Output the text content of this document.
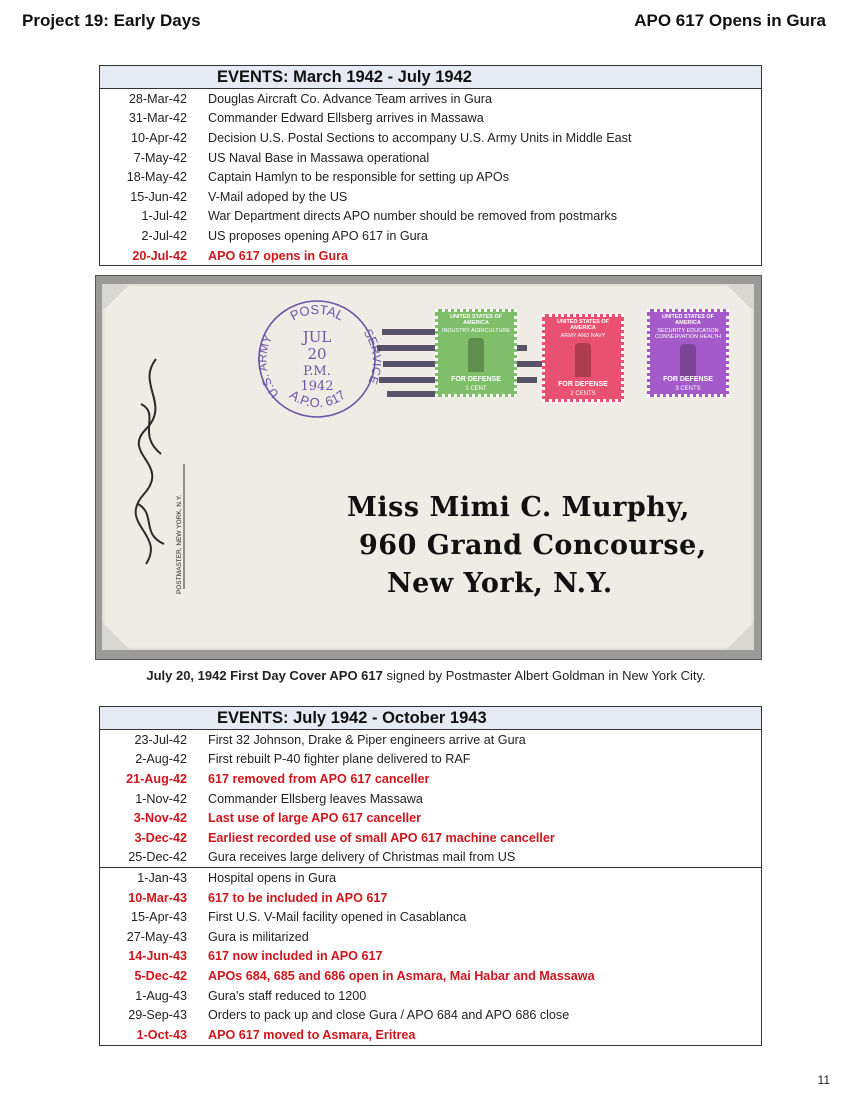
Project 19: Early Days	APO 617 Opens in Gura
EVENTS: March 1942 - July 1942
28-Mar-42	Douglas Aircraft Co. Advance Team arrives in Gura
31-Mar-42	Commander Edward Ellsberg arrives in Massawa
10-Apr-42	Decision U.S. Postal Sections to accompany U.S. Army Units in Middle East
7-May-42	US Naval Base in Massawa operational
18-May-42	Captain Hamlyn to be responsible for setting up APOs
15-Jun-42	V-Mail adoped by the US
1-Jul-42	War Department directs APO number should be removed from postmarks
2-Jul-42	US proposes opening APO 617 in Gura
20-Jul-42	APO 617 opens in Gura
POSTAL
A.P.O. 617
U.S. ARMY	SERVICE
JUL
20
P.M.
1942
UNITED STATES OF AMERICA
INDUSTRY AGRICULTURE
FOR DEFENSE
1 CENT
UNITED STATES OF AMERICA
ARMY AND NAVY
FOR DEFENSE
2 CENTS
UNITED STATES OF AMERICA
SECURITY EDUCATION CONSERVATION HEALTH
FOR DEFENSE
3 CENTS
POSTMASTER, NEW YORK, N.Y.	Miss Mimi C. Murphy,
960 Grand Concourse,
New York, N.Y.
July 20, 1942 First Day Cover APO 617 signed by Postmaster Albert Goldman in New York City.
EVENTS: July 1942 - October 1943
23-Jul-42	First 32 Johnson, Drake & Piper engineers arrive at Gura
2-Aug-42	First rebuilt P-40 fighter plane delivered to RAF
21-Aug-42	617 removed from APO 617 canceller
1-Nov-42	Commander Ellsberg leaves Massawa
3-Nov-42	Last use of large APO 617 canceller
3-Dec-42	Earliest recorded use of small APO 617 machine canceller
25-Dec-42	Gura receives large delivery of Christmas mail from US
1-Jan-43	Hospital opens in Gura
10-Mar-43	617 to be included in APO 617
15-Apr-43	First U.S. V-Mail facility opened in Casablanca
27-May-43	Gura is militarized
14-Jun-43	617 now included in APO 617
5-Dec-42	APOs 684, 685 and 686 open in Asmara, Mai Habar and Massawa
1-Aug-43	Gura's staff reduced to 1200
29-Sep-43	Orders to pack up and close Gura / APO 684 and APO 686 close
1-Oct-43	APO 617 moved to Asmara, Eritrea
11
